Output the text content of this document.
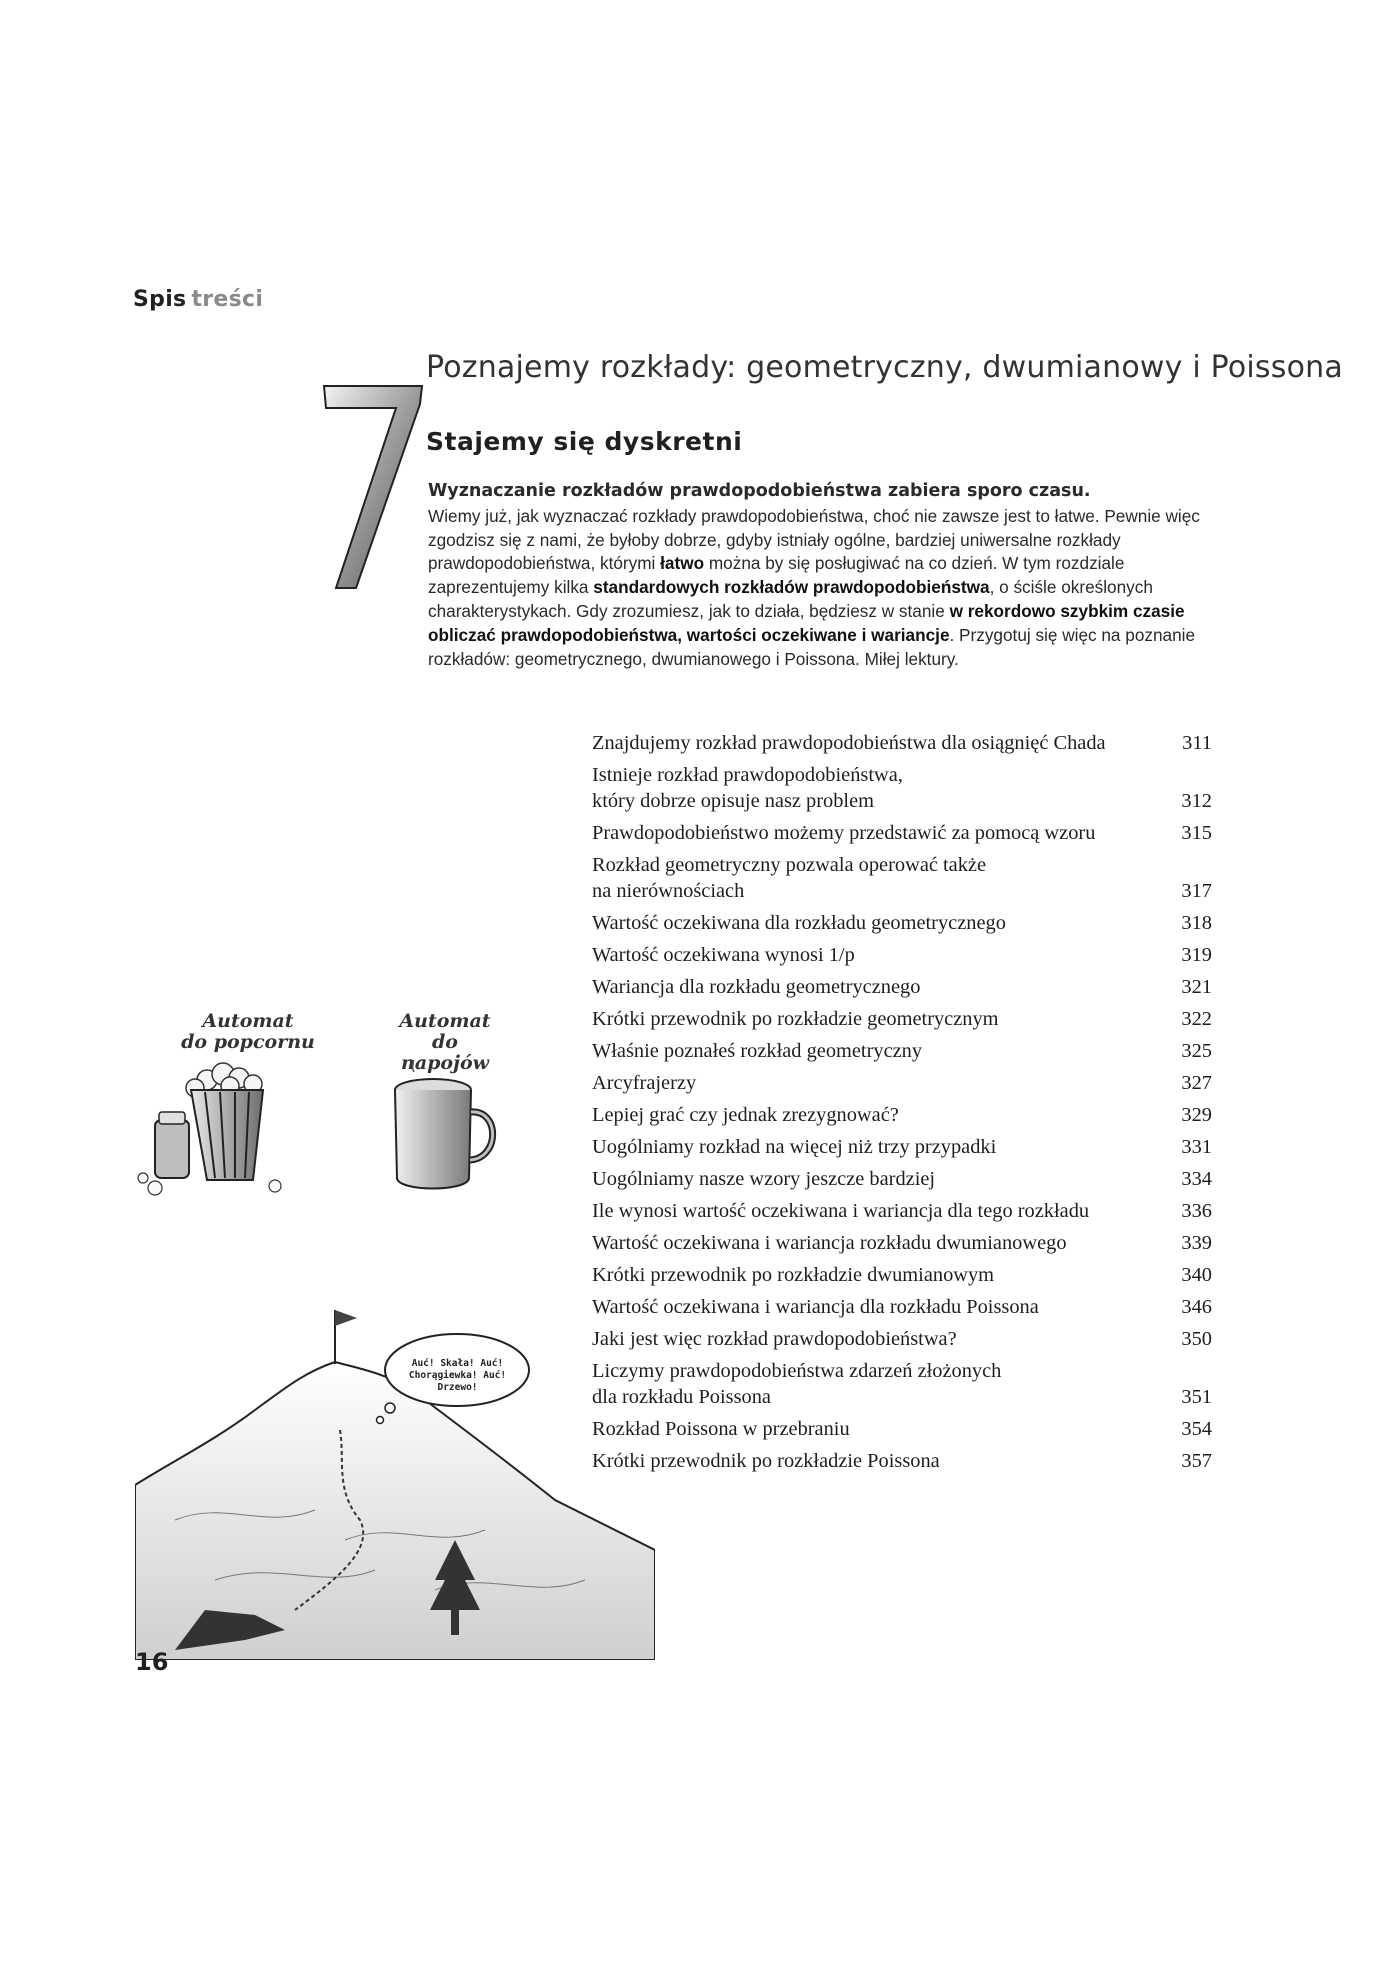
Spis treści
Poznajemy rozkłady: geometryczny, dwumianowy i Poissona
Stajemy się dyskretni
Wyznaczanie rozkładów prawdopodobieństwa zabiera sporo czasu.
Wiemy już, jak wyznaczać rozkłady prawdopodobieństwa, choć nie zawsze jest to łatwe. Pewnie więc zgodzisz się z nami, że byłoby dobrze, gdyby istniały ogólne, bardziej uniwersalne rozkłady prawdopodobieństwa, którymi łatwo można by się posługiwać na co dzień. W tym rozdziale zaprezentujemy kilka standardowych rozkładów prawdopodobieństwa, o ściśle określonych charakterystykach. Gdy zrozumiesz, jak to działa, będziesz w stanie w rekordowo szybkim czasie obliczać prawdopodobieństwa, wartości oczekiwane i wariancje. Przygotuj się więc na poznanie rozkładów: geometrycznego, dwumianowego i Poissona. Miłej lektury.
Znajdujemy rozkład prawdopodobieństwa dla osiągnięć Chada	311
Istnieje rozkład prawdopodobieństwa,
który dobrze opisuje nasz problem	312
Prawdopodobieństwo możemy przedstawić za pomocą wzoru	315
Rozkład geometryczny pozwala operować także
na nierównościach	317
Wartość oczekiwana dla rozkładu geometrycznego	318
Wartość oczekiwana wynosi 1/p	319
Wariancja dla rozkładu geometrycznego	321
Krótki przewodnik po rozkładzie geometrycznym	322
Właśnie poznałeś rozkład geometryczny	325
Arcyfrajerzy	327
Lepiej grać czy jednak zrezygnować?	329
Uogólniamy rozkład na więcej niż trzy przypadki	331
Uogólniamy nasze wzory jeszcze bardziej	334
Ile wynosi wartość oczekiwana i wariancja dla tego rozkładu	336
Wartość oczekiwana i wariancja rozkładu dwumianowego	339
Krótki przewodnik po rozkładzie dwumianowym	340
Wartość oczekiwana i wariancja dla rozkładu Poissona	346
Jaki jest więc rozkład prawdopodobieństwa?	350
Liczymy prawdopodobieństwa zdarzeń złożonych
dla rozkładu Poissona	351
Rozkład Poissona w przebraniu	354
Krótki przewodnik po rozkładzie Poissona	357
Automat
do popcornu
Automat
do napojów
Auć! Skała! Auć!
Chorągiewka! Auć!
Drzewo!
16
